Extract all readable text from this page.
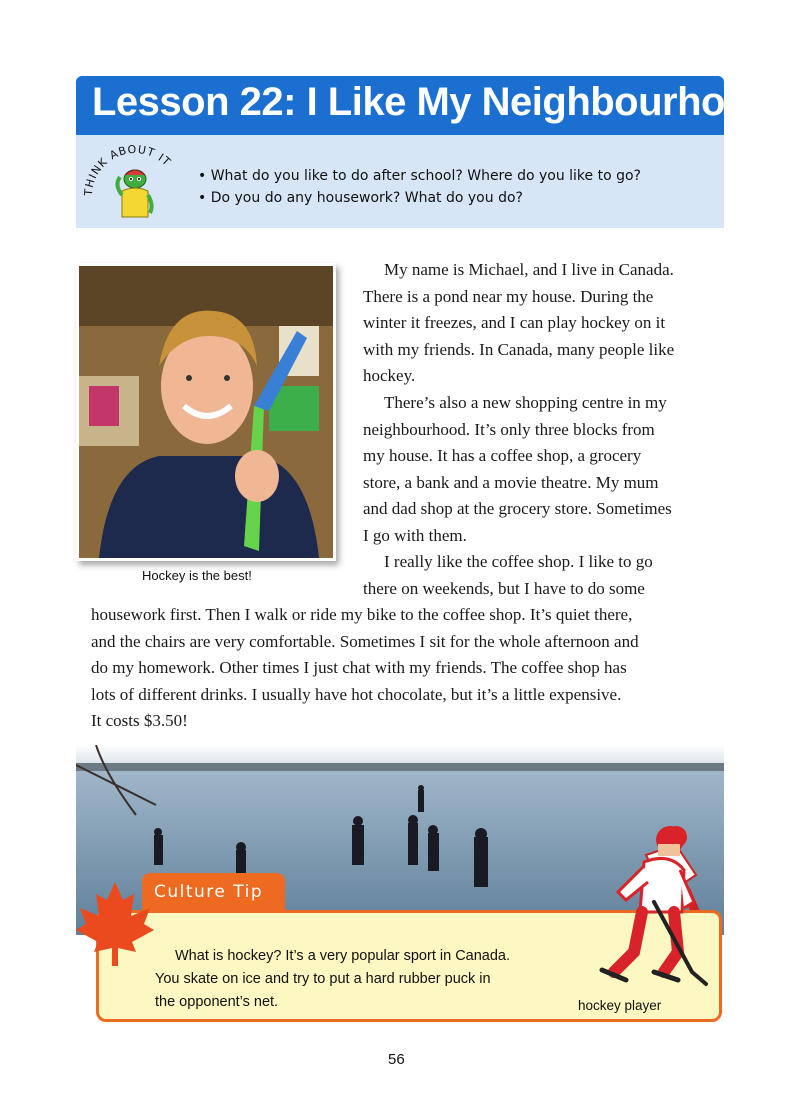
Lesson 22: I Like My Neighbourhood
THINK ABOUT IT
• What do you like to do after school? Where do you like to go?
• Do you do any housework? What do you do?
Hockey is the best!
My name is Michael, and I live in Canada.
There is a pond near my house. During the
winter it freezes, and I can play hockey on it
with my friends. In Canada, many people like
hockey.
There’s also a new shopping centre in my
neighbourhood. It’s only three blocks from
my house. It has a coffee shop, a grocery
store, a bank and a movie theatre. My mum
and dad shop at the grocery store. Sometimes
I go with them.
I really like the coffee shop. I like to go
there on weekends, but I have to do some
housework first. Then I walk or ride my bike to the coffee shop. It’s quiet there,
and the chairs are very comfortable. Sometimes I sit for the whole afternoon and
do my homework. Other times I just chat with my friends. The coffee shop has
lots of different drinks. I usually have hot chocolate, but it’s a little expensive.
It costs $3.50!
Culture Tip
What is hockey? It’s a very popular sport in Canada.
You skate on ice and try to put a hard rubber puck in
the opponent’s net.	hockey player
56
